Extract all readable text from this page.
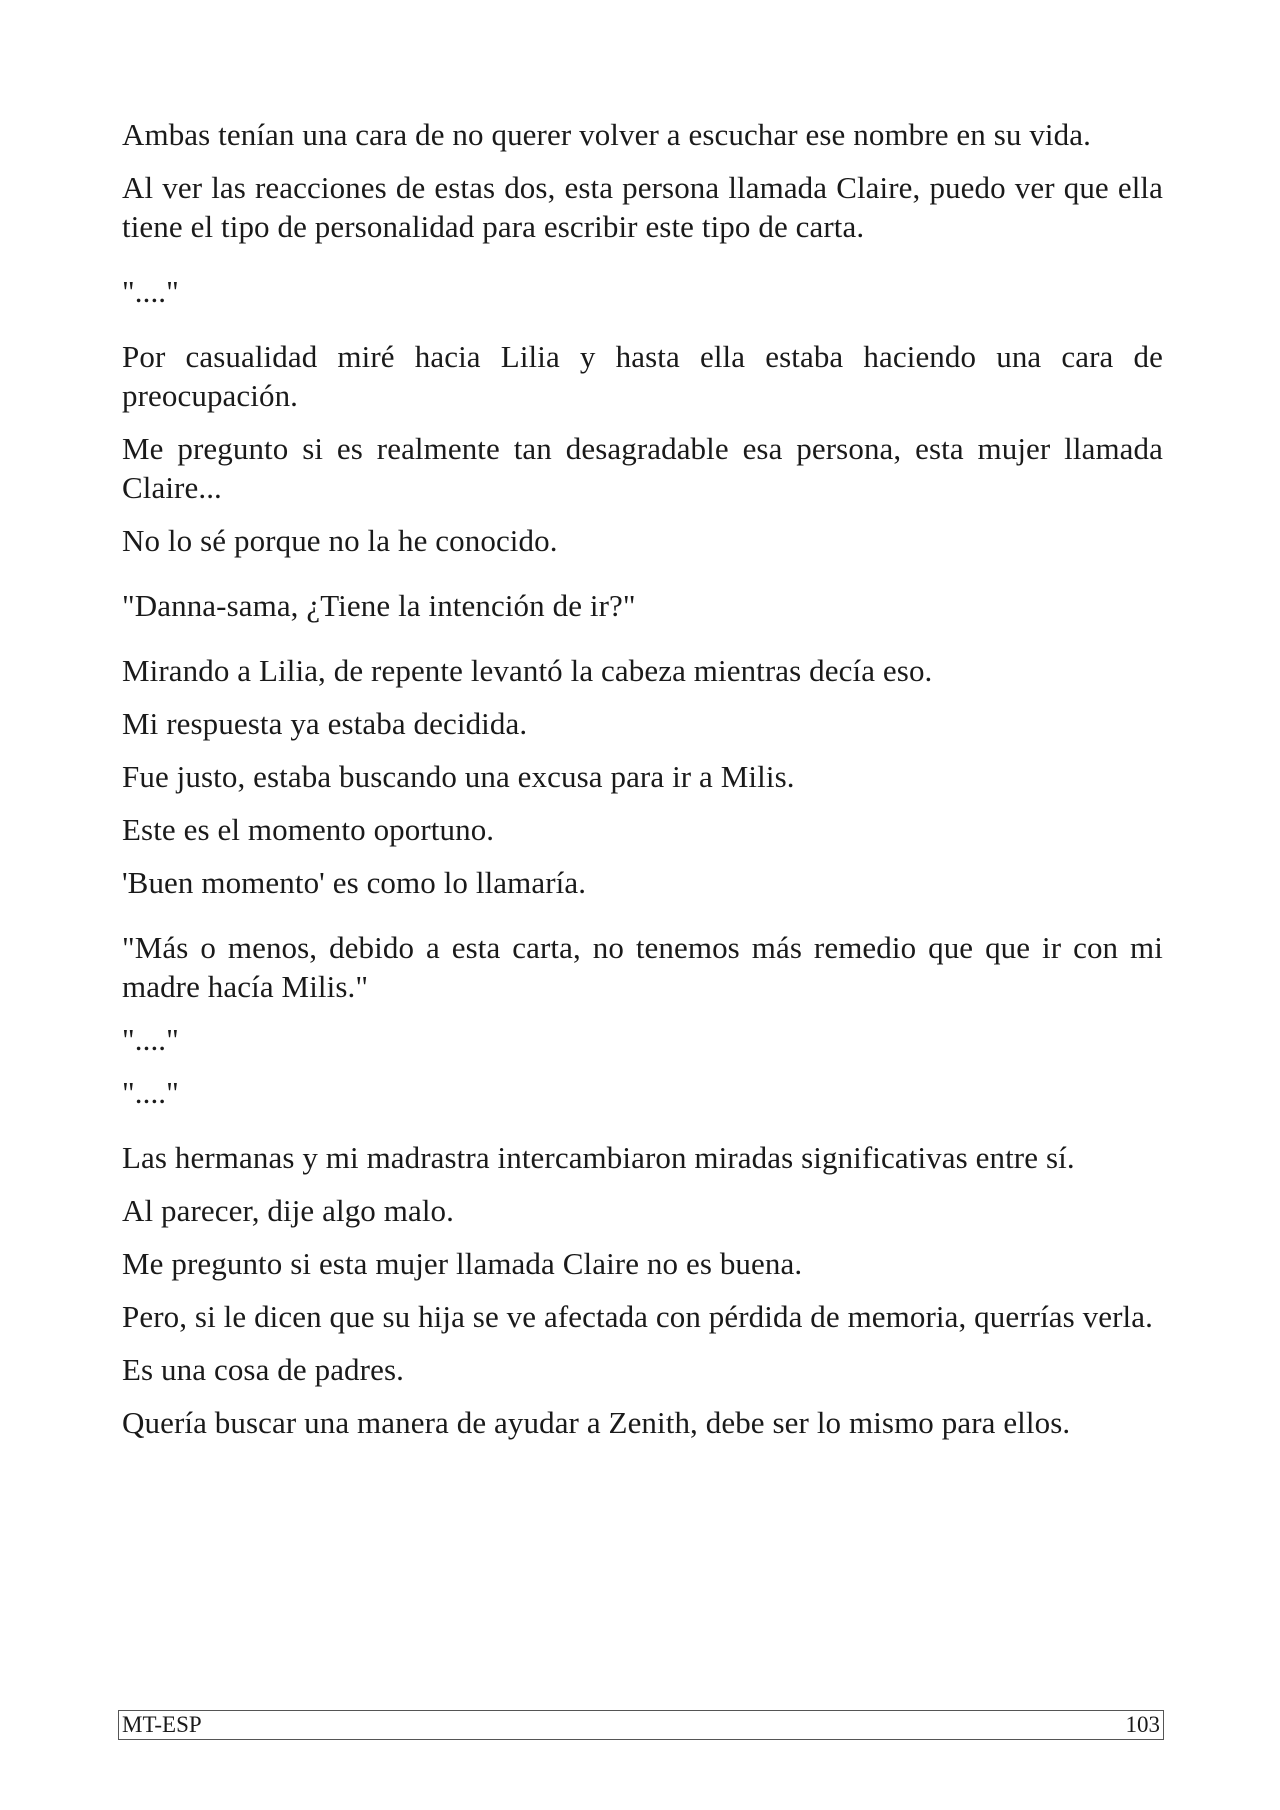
Ambas tenían una cara de no querer volver a escuchar ese nombre en su vida.

Al ver las reacciones de estas dos, esta persona llamada Claire, puedo ver que ella tiene el tipo de personalidad para escribir este tipo de carta.

"...."

Por casualidad miré hacia Lilia y hasta ella estaba haciendo una cara de preocupación.

Me pregunto si es realmente tan desagradable esa persona, esta mujer llamada Claire...

No lo sé porque no la he conocido.

"Danna-sama, ¿Tiene la intención de ir?"

Mirando a Lilia, de repente levantó la cabeza mientras decía eso.

Mi respuesta ya estaba decidida.

Fue justo, estaba buscando una excusa para ir a Milis.

Este es el momento oportuno.

'Buen momento' es como lo llamaría.

"Más o menos, debido a esta carta, no tenemos más remedio que que ir con mi madre hacía Milis."

"...."

"...."

Las hermanas y mi madrastra intercambiaron miradas significativas entre sí.

Al parecer, dije algo malo.

Me pregunto si esta mujer llamada Claire no es buena.

Pero, si le dicen que su hija se ve afectada con pérdida de memoria, querrías verla.

Es una cosa de padres.

Quería buscar una manera de ayudar a Zenith, debe ser lo mismo para ellos.

MT-ESP	103
